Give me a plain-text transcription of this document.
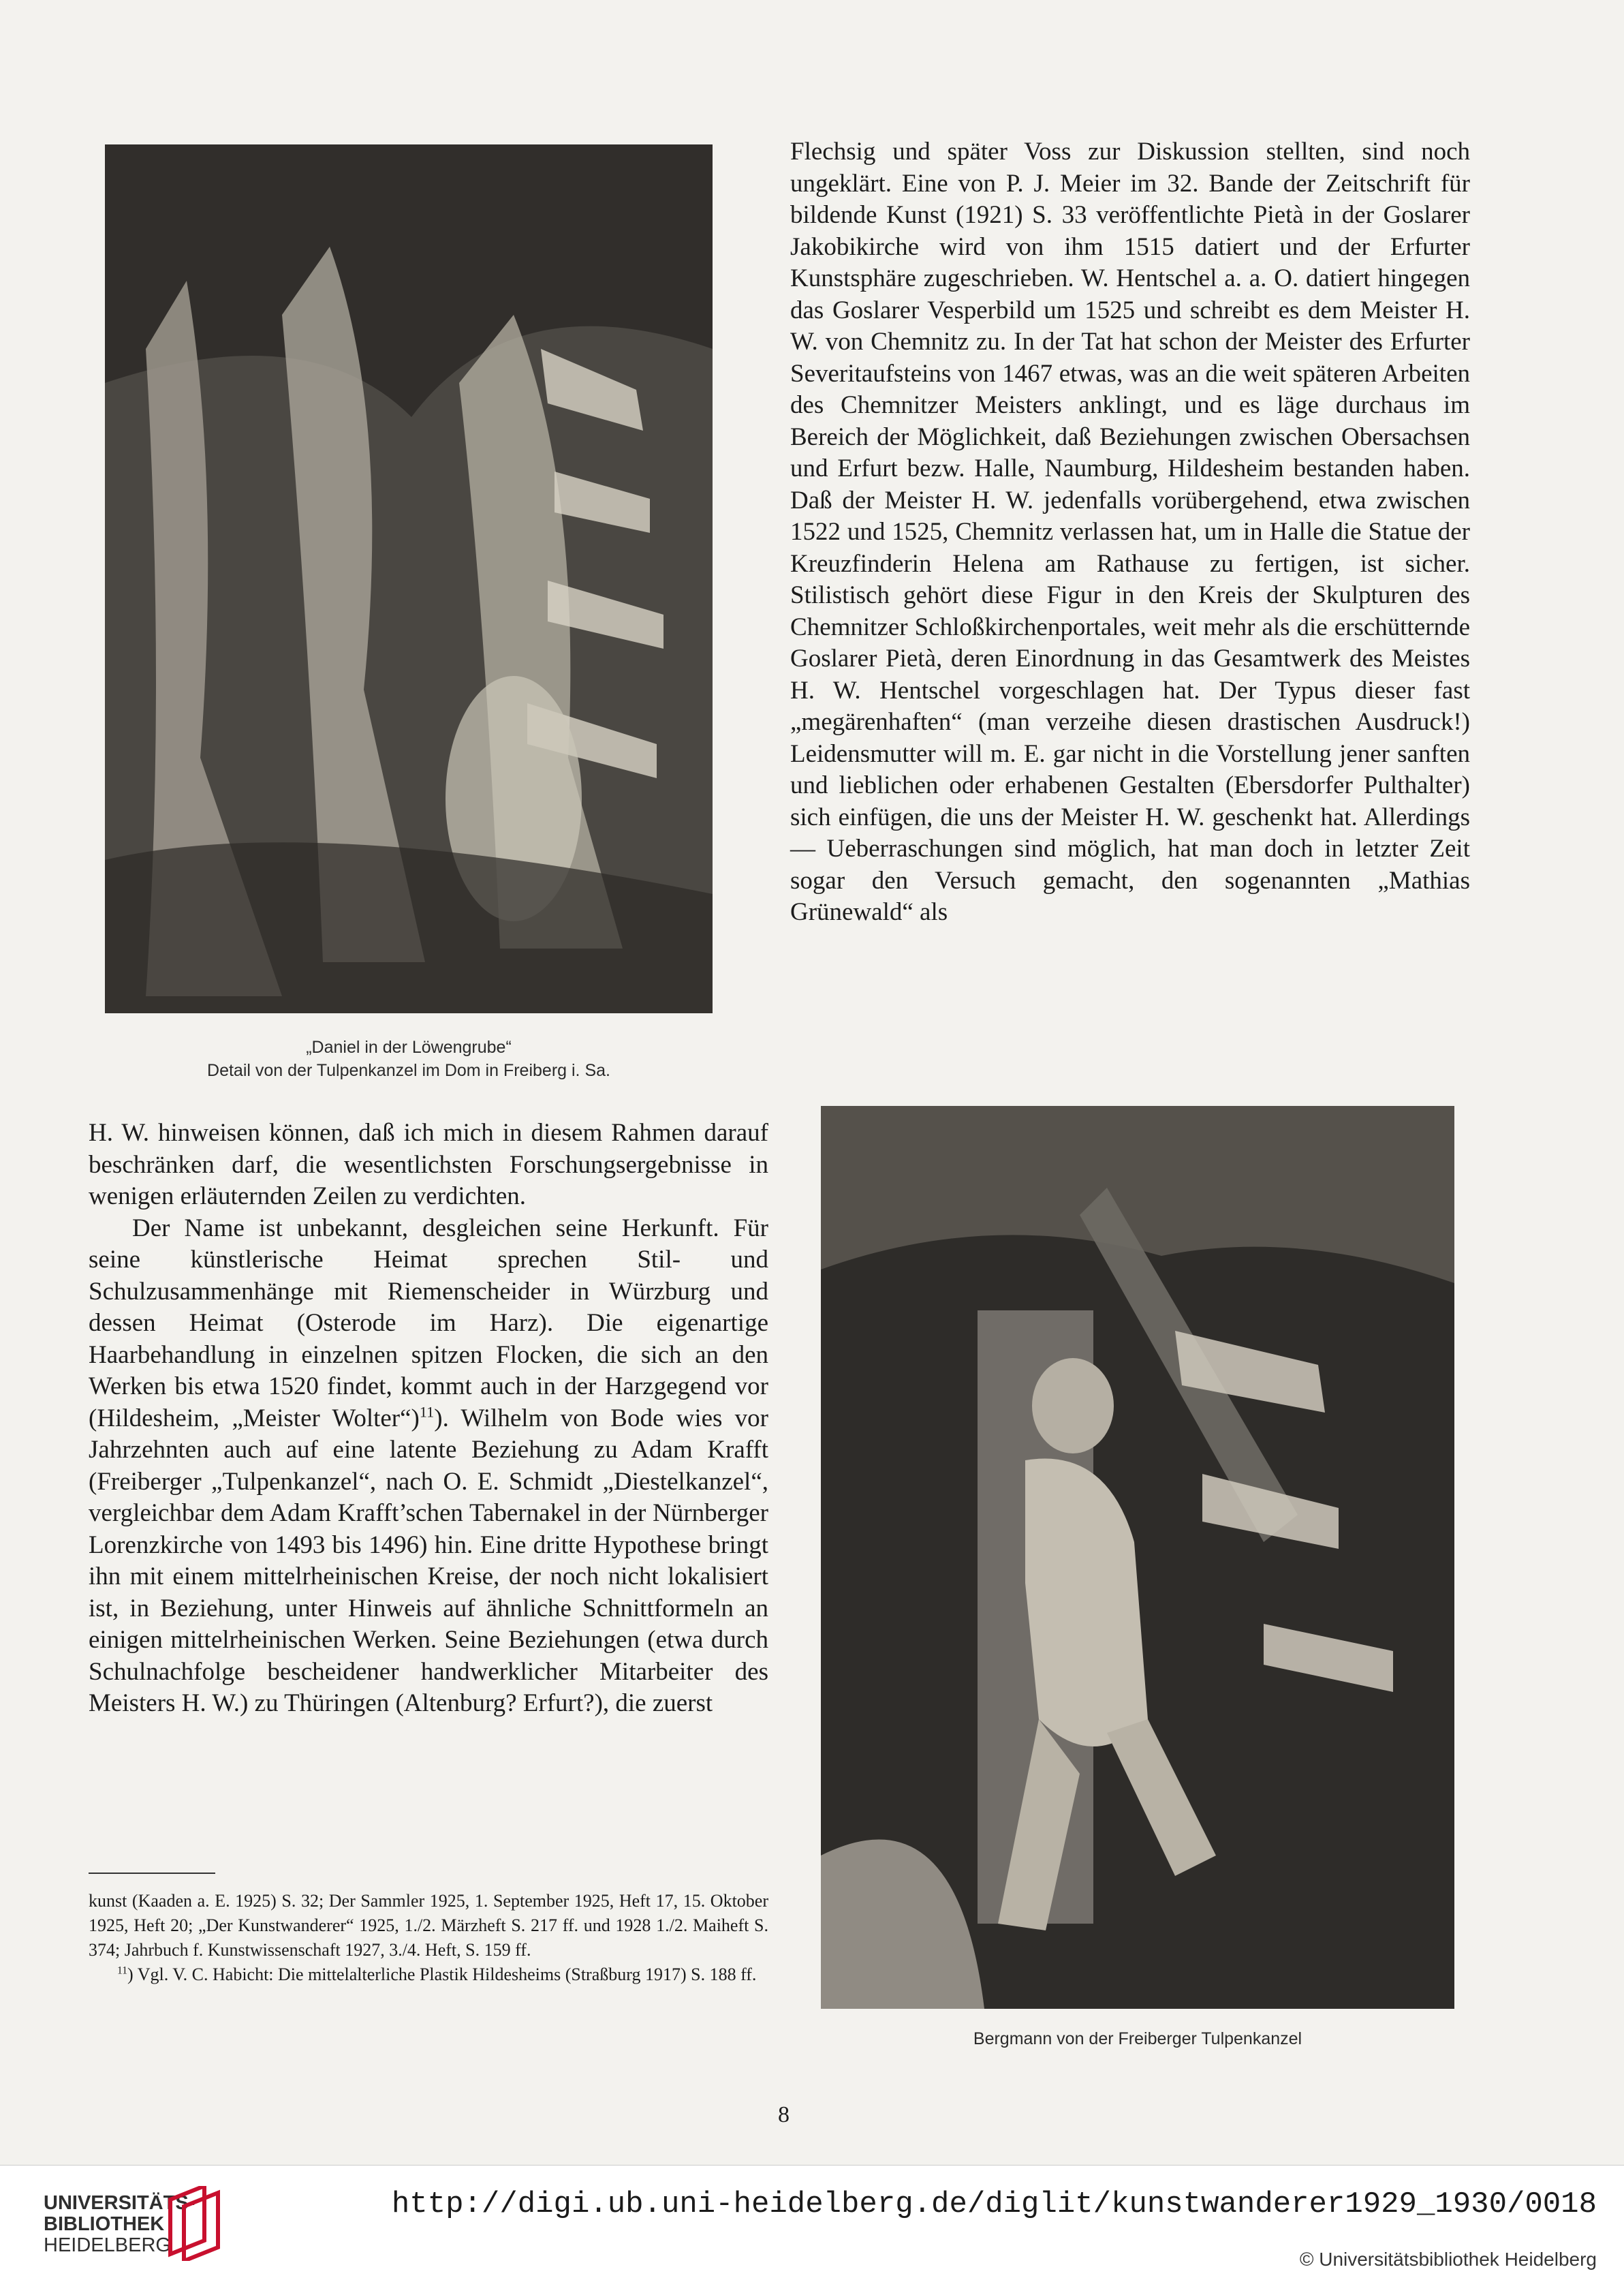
„Daniel in der Löwengrube“
Detail von der Tulpenkanzel im Dom in Freiberg i. Sa.

Flechsig und später Voss zur Diskussion stellten, sind noch ungeklärt. Eine von P. J. Meier im 32. Bande der Zeitschrift für bildende Kunst (1921) S. 33 veröffentlichte Pietà in der Goslarer Jakobikirche wird von ihm 1515 datiert und der Erfurter Kunstsphäre zugeschrieben. W. Hentschel a. a. O. datiert hingegen das Goslarer Vesperbild um 1525 und schreibt es dem Meister H. W. von Chemnitz zu. In der Tat hat schon der Meister des Erfurter Severitaufsteins von 1467 etwas, was an die weit späteren Arbeiten des Chemnitzer Meisters anklingt, und es läge durchaus im Bereich der Möglichkeit, daß Beziehungen zwischen Obersachsen und Erfurt bezw. Halle, Naumburg, Hildesheim bestanden haben. Daß der Meister H. W. jedenfalls vorübergehend, etwa zwischen 1522 und 1525, Chemnitz verlassen hat, um in Halle die Statue der Kreuzfinderin Helena am Rathause zu fertigen, ist sicher. Stilistisch gehört diese Figur in den Kreis der Skulpturen des Chemnitzer Schloßkirchenportales, weit mehr als die erschütternde Goslarer Pietà, deren Einordnung in das Gesamtwerk des Meistes H. W. Hentschel vorgeschlagen hat. Der Typus dieser fast „megärenhaften“ (man verzeihe diesen drastischen Ausdruck!) Leidensmutter will m. E. gar nicht in die Vorstellung jener sanften und lieblichen oder erhabenen Gestalten (Ebersdorfer Pulthalter) sich einfügen, die uns der Meister H. W. geschenkt hat. Allerdings — Ueberraschungen sind möglich, hat man doch in letzter Zeit sogar den Versuch gemacht, den sogenannten „Mathias Grünewald“ als

H. W. hinweisen können, daß ich mich in diesem Rahmen darauf beschränken darf, die wesentlichsten Forschungsergebnisse in wenigen erläuternden Zeilen zu verdichten.

Der Name ist unbekannt, desgleichen seine Herkunft. Für seine künstlerische Heimat sprechen Stil- und Schulzusammenhänge mit Riemenscheider in Würzburg und dessen Heimat (Osterode im Harz). Die eigenartige Haarbehandlung in einzelnen spitzen Flocken, die sich an den Werken bis etwa 1520 findet, kommt auch in der Harzgegend vor (Hildesheim, „Meister Wolter“)$^{11}$). Wilhelm von Bode wies vor Jahrzehnten auch auf eine latente Beziehung zu Adam Krafft (Freiberger „Tulpenkanzel“, nach O. E. Schmidt „Diestelkanzel“, vergleichbar dem Adam Krafft’schen Tabernakel in der Nürnberger Lorenzkirche von 1493 bis 1496) hin. Eine dritte Hypothese bringt ihn mit einem mittelrheinischen Kreise, der noch nicht lokalisiert ist, in Beziehung, unter Hinweis auf ähnliche Schnittformeln an einigen mittelrheinischen Werken. Seine Beziehungen (etwa durch Schulnachfolge bescheidener handwerklicher Mitarbeiter des Meisters H. W.) zu Thüringen (Altenburg? Erfurt?), die zuerst

kunst (Kaaden a. E. 1925) S. 32; Der Sammler 1925, 1. September 1925, Heft 17, 15. Oktober 1925, Heft 20; „Der Kunstwanderer“ 1925, 1./2. Märzheft S. 217 ff. und 1928 1./2. Maiheft S. 374; Jahrbuch f. Kunstwissenschaft 1927, 3./4. Heft, S. 159 ff.

$^{11}$) Vgl. V. C. Habicht: Die mittelalterliche Plastik Hildesheims (Straßburg 1917) S. 188 ff.

Bergmann von der Freiberger Tulpenkanzel
8
UNIVERSITÄTS-
BIBLIOTHEK
HEIDELBERG
http://digi.ub.uni-heidelberg.de/diglit/kunstwanderer1929_1930/0018
© Universitätsbibliothek Heidelberg
